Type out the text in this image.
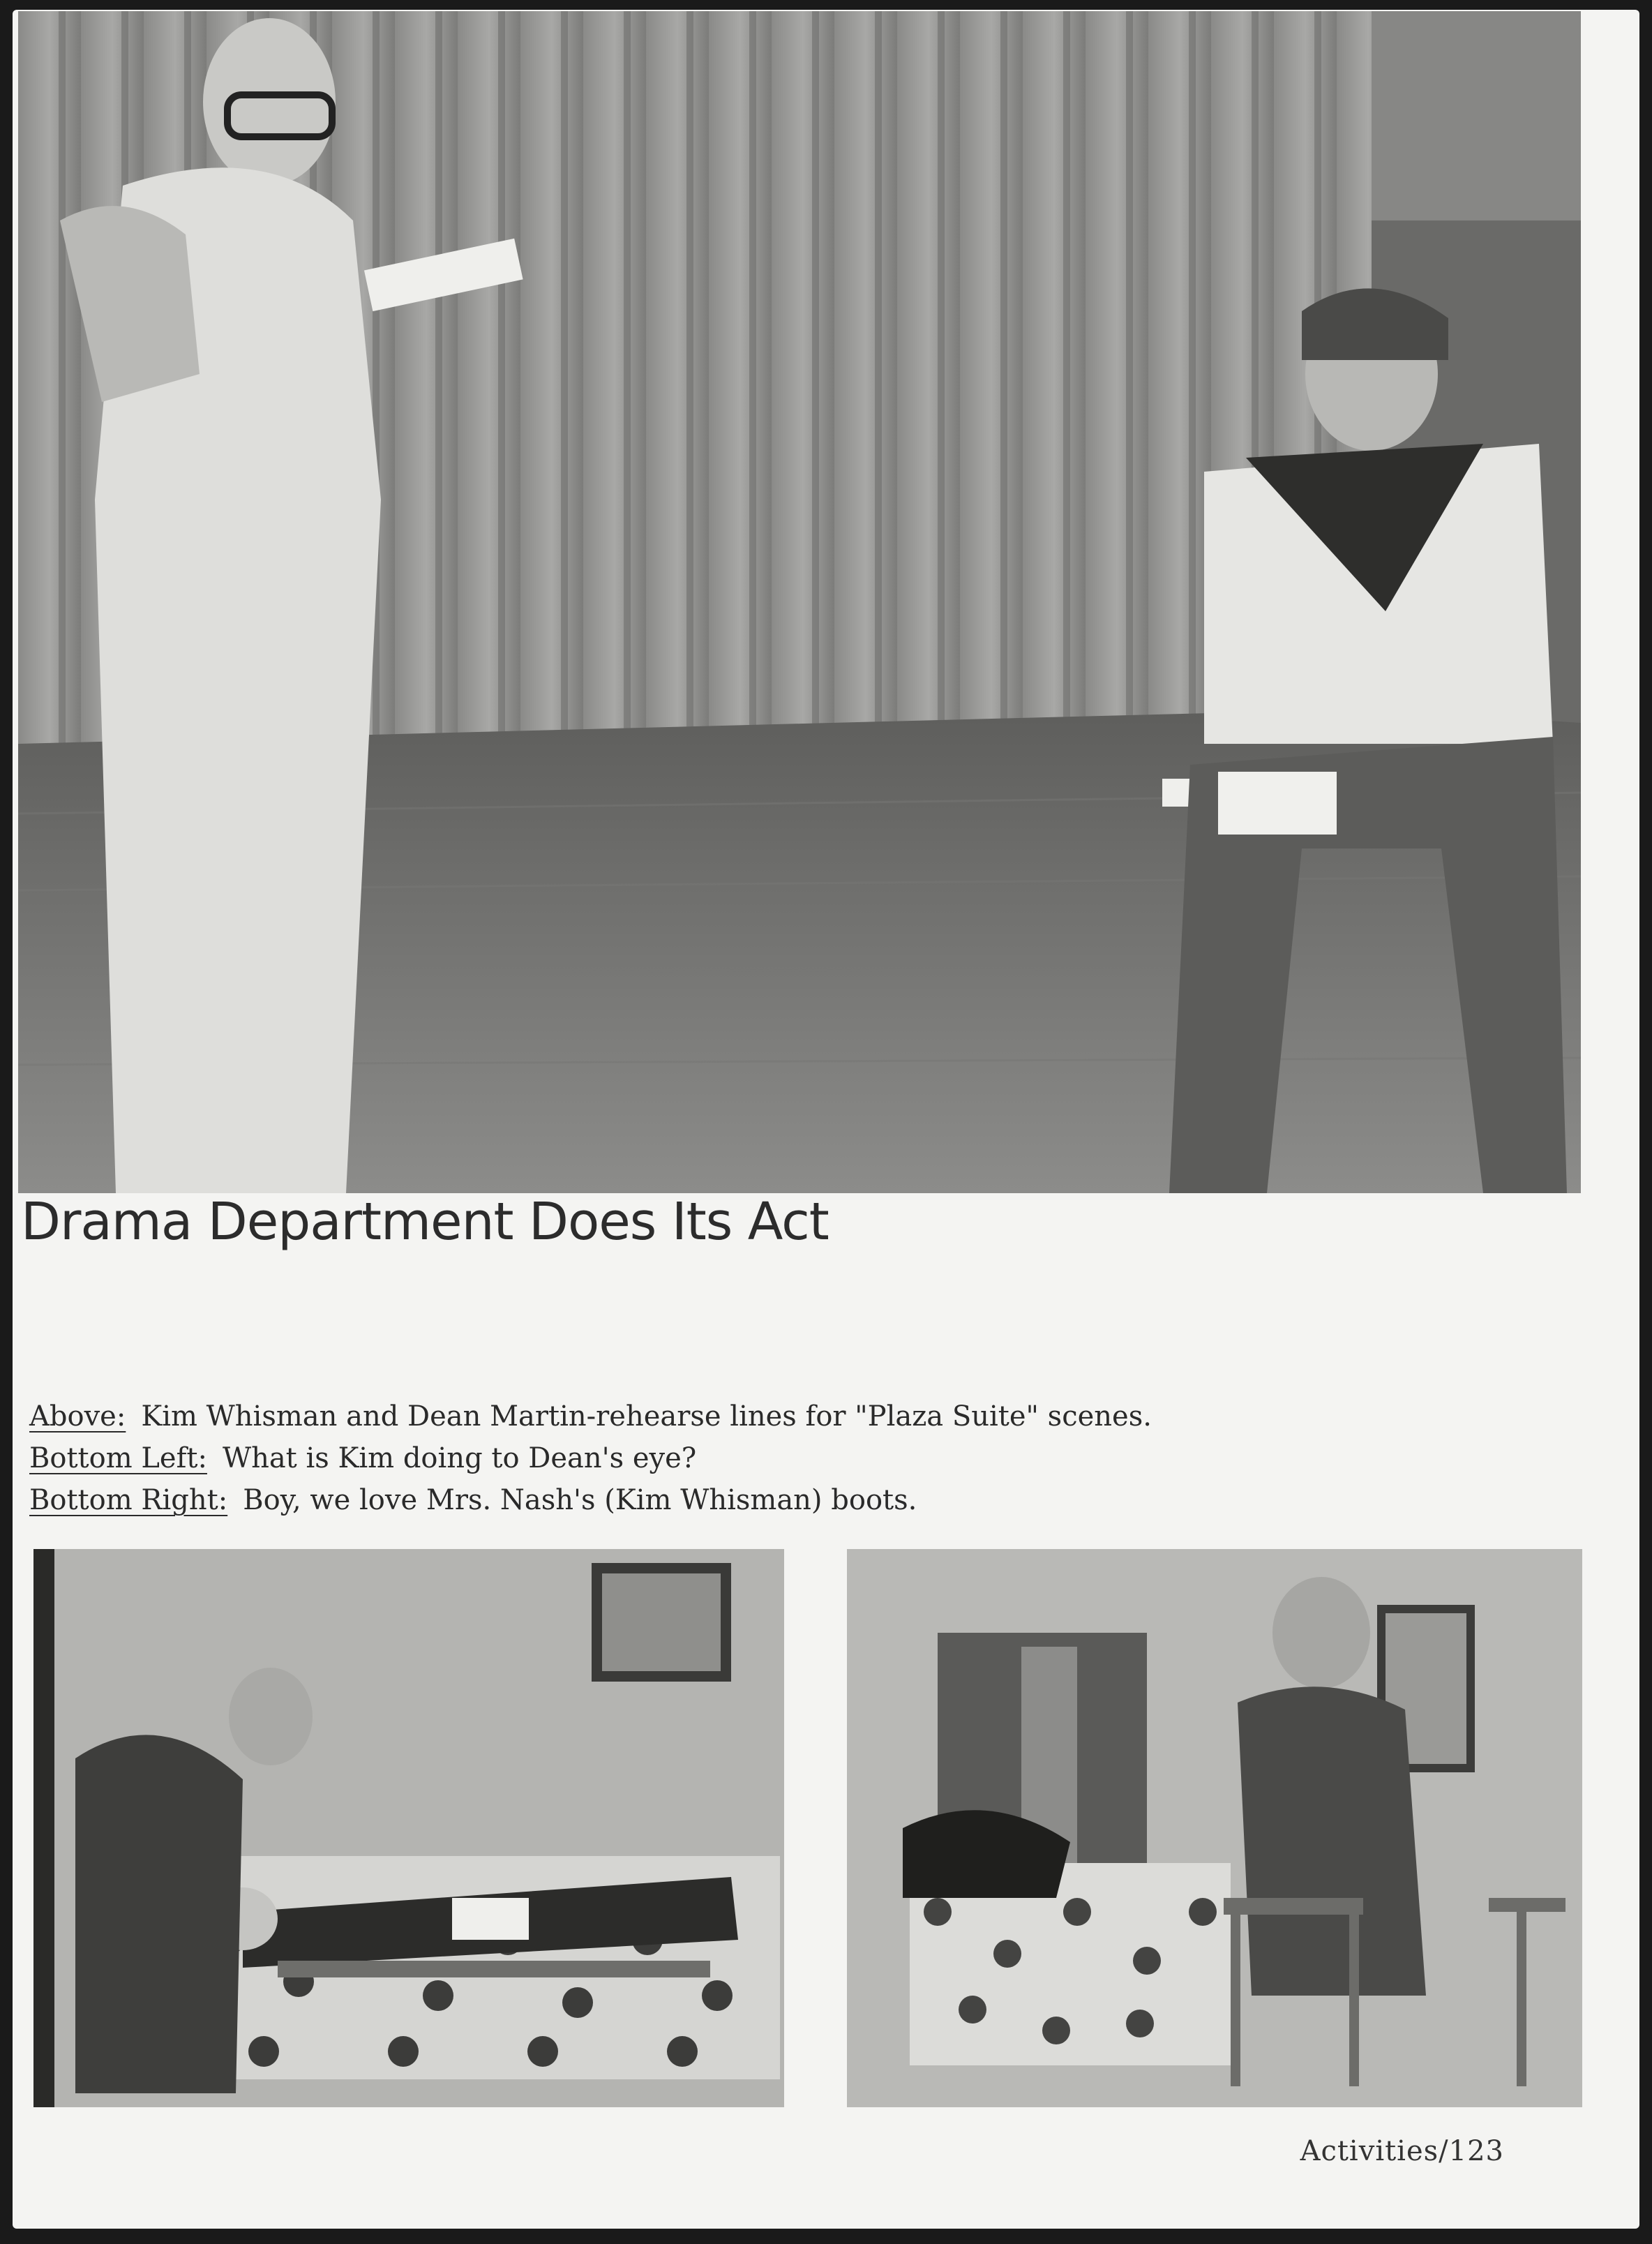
Drama Department Does Its Act
Above: Kim Whisman and Dean Martin-rehearse lines for "Plaza Suite" scenes.
Bottom Left: What is Kim doing to Dean's eye?
Bottom Right: Boy, we love Mrs. Nash's (Kim Whisman) boots.
Activities/123
